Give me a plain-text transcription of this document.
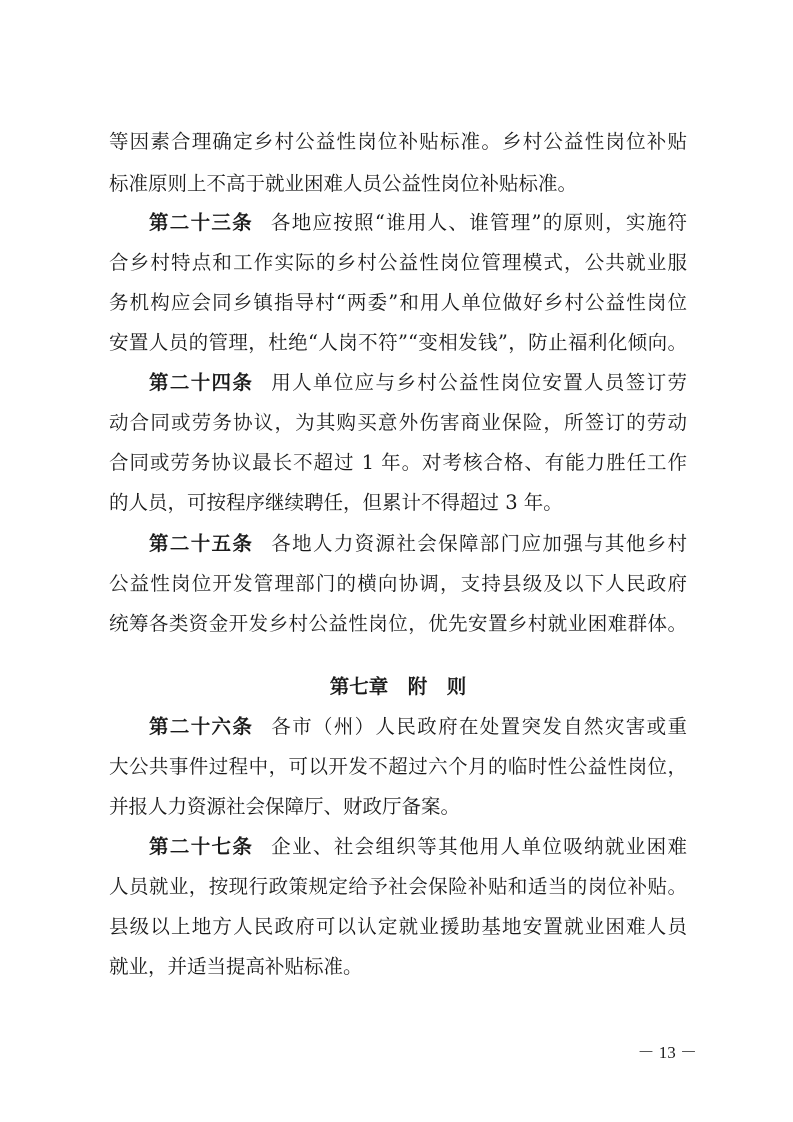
等因素合理确定乡村公益性岗位补贴标准。乡村公益性岗位补贴
标准原则上不高于就业困难人员公益性岗位补贴标准。
第二十三条 各地应按照“谁用人、谁管理”的原则，实施符
合乡村特点和工作实际的乡村公益性岗位管理模式，公共就业服
务机构应会同乡镇指导村“两委”和用人单位做好乡村公益性岗位
安置人员的管理，杜绝“人岗不符”“变相发钱”，防止福利化倾向。
第二十四条 用人单位应与乡村公益性岗位安置人员签订劳
动合同或劳务协议，为其购买意外伤害商业保险，所签订的劳动
合同或劳务协议最长不超过 1 年。对考核合格、有能力胜任工作
的人员，可按程序继续聘任，但累计不得超过 3 年。
第二十五条 各地人力资源社会保障部门应加强与其他乡村
公益性岗位开发管理部门的横向协调，支持县级及以下人民政府
统筹各类资金开发乡村公益性岗位，优先安置乡村就业困难群体。
第七章　附　则
第二十六条 各市（州）人民政府在处置突发自然灾害或重
大公共事件过程中，可以开发不超过六个月的临时性公益性岗位，
并报人力资源社会保障厅、财政厅备案。
第二十七条 企业、社会组织等其他用人单位吸纳就业困难
人员就业，按现行政策规定给予社会保险补贴和适当的岗位补贴。
县级以上地方人民政府可以认定就业援助基地安置就业困难人员
就业，并适当提高补贴标准。
－ 13 －
